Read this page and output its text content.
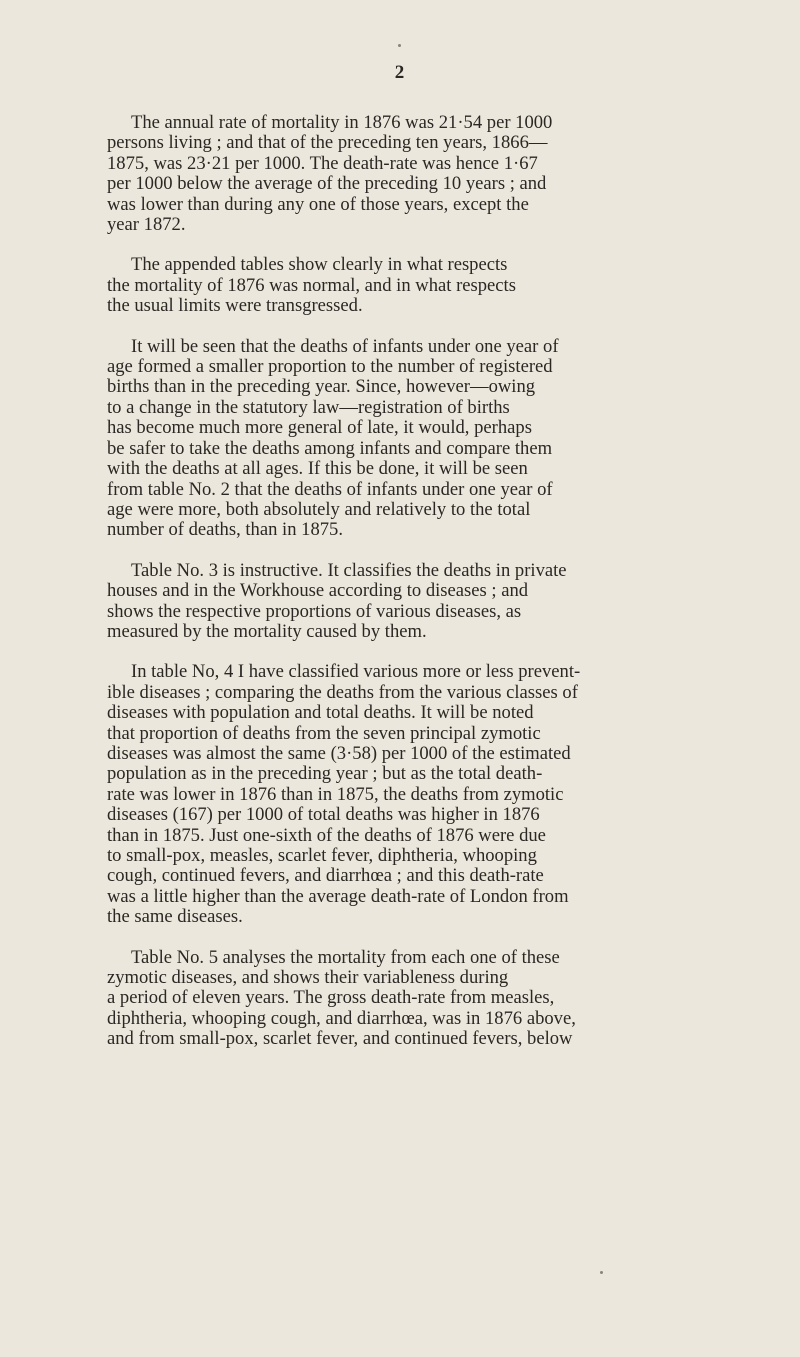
2

The annual rate of mortality in 1876 was 21·54 per 1000
persons living ; and that of the preceding ten years, 1866—
1875, was 23·21 per 1000. The death-rate was hence 1·67
per 1000 below the average of the preceding 10 years ; and
was lower than during any one of those years, except the
year 1872.

The appended tables show clearly in what respects
the mortality of 1876 was normal, and in what respects
the usual limits were transgressed.

It will be seen that the deaths of infants under one year of
age formed a smaller proportion to the number of registered
births than in the preceding year. Since, however—owing
to a change in the statutory law—registration of births
has become much more general of late, it would, perhaps
be safer to take the deaths among infants and compare them
with the deaths at all ages. If this be done, it will be seen
from table No. 2 that the deaths of infants under one year of
age were more, both absolutely and relatively to the total
number of deaths, than in 1875.

Table No. 3 is instructive. It classifies the deaths in private
houses and in the Workhouse according to diseases ; and
shows the respective proportions of various diseases, as
measured by the mortality caused by them.

In table No, 4 I have classified various more or less prevent-
ible diseases ; comparing the deaths from the various classes of
diseases with population and total deaths. It will be noted
that proportion of deaths from the seven principal zymotic
diseases was almost the same (3·58) per 1000 of the estimated
population as in the preceding year ; but as the total death-
rate was lower in 1876 than in 1875, the deaths from zymotic
diseases (167) per 1000 of total deaths was higher in 1876
than in 1875. Just one-sixth of the deaths of 1876 were due
to small-pox, measles, scarlet fever, diphtheria, whooping
cough, continued fevers, and diarrhœa ; and this death-rate
was a little higher than the average death-rate of London from
the same diseases.

Table No. 5 analyses the mortality from each one of these
zymotic diseases, and shows their variableness during
a period of eleven years. The gross death-rate from measles,
diphtheria, whooping cough, and diarrhœa, was in 1876 above,
and from small-pox, scarlet fever, and continued fevers, below
